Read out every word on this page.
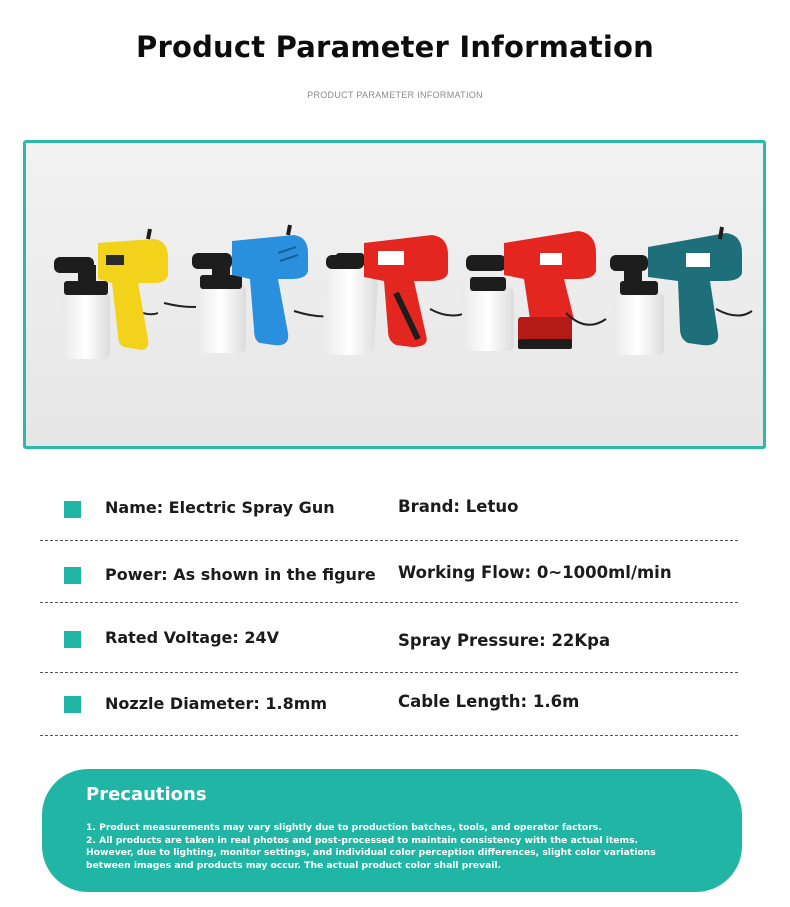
Product Parameter Information
PRODUCT PARAMETER INFORMATION
Name: Electric Spray Gun	Brand: Letuo
Power: As shown in the figure Working Flow: 0~1000ml/min
Rated Voltage: 24V	Spray Pressure: 22Kpa
Nozzle Diameter: 1.8mm	Cable Length: 1.6m
Precautions
1. Product measurements may vary slightly due to production batches, tools, and operator factors.
2. All products are taken in real photos and post-processed to maintain consistency with the actual items.
However, due to lighting, monitor settings, and individual color perception differences, slight color variations
between images and products may occur. The actual product color shall prevail.
